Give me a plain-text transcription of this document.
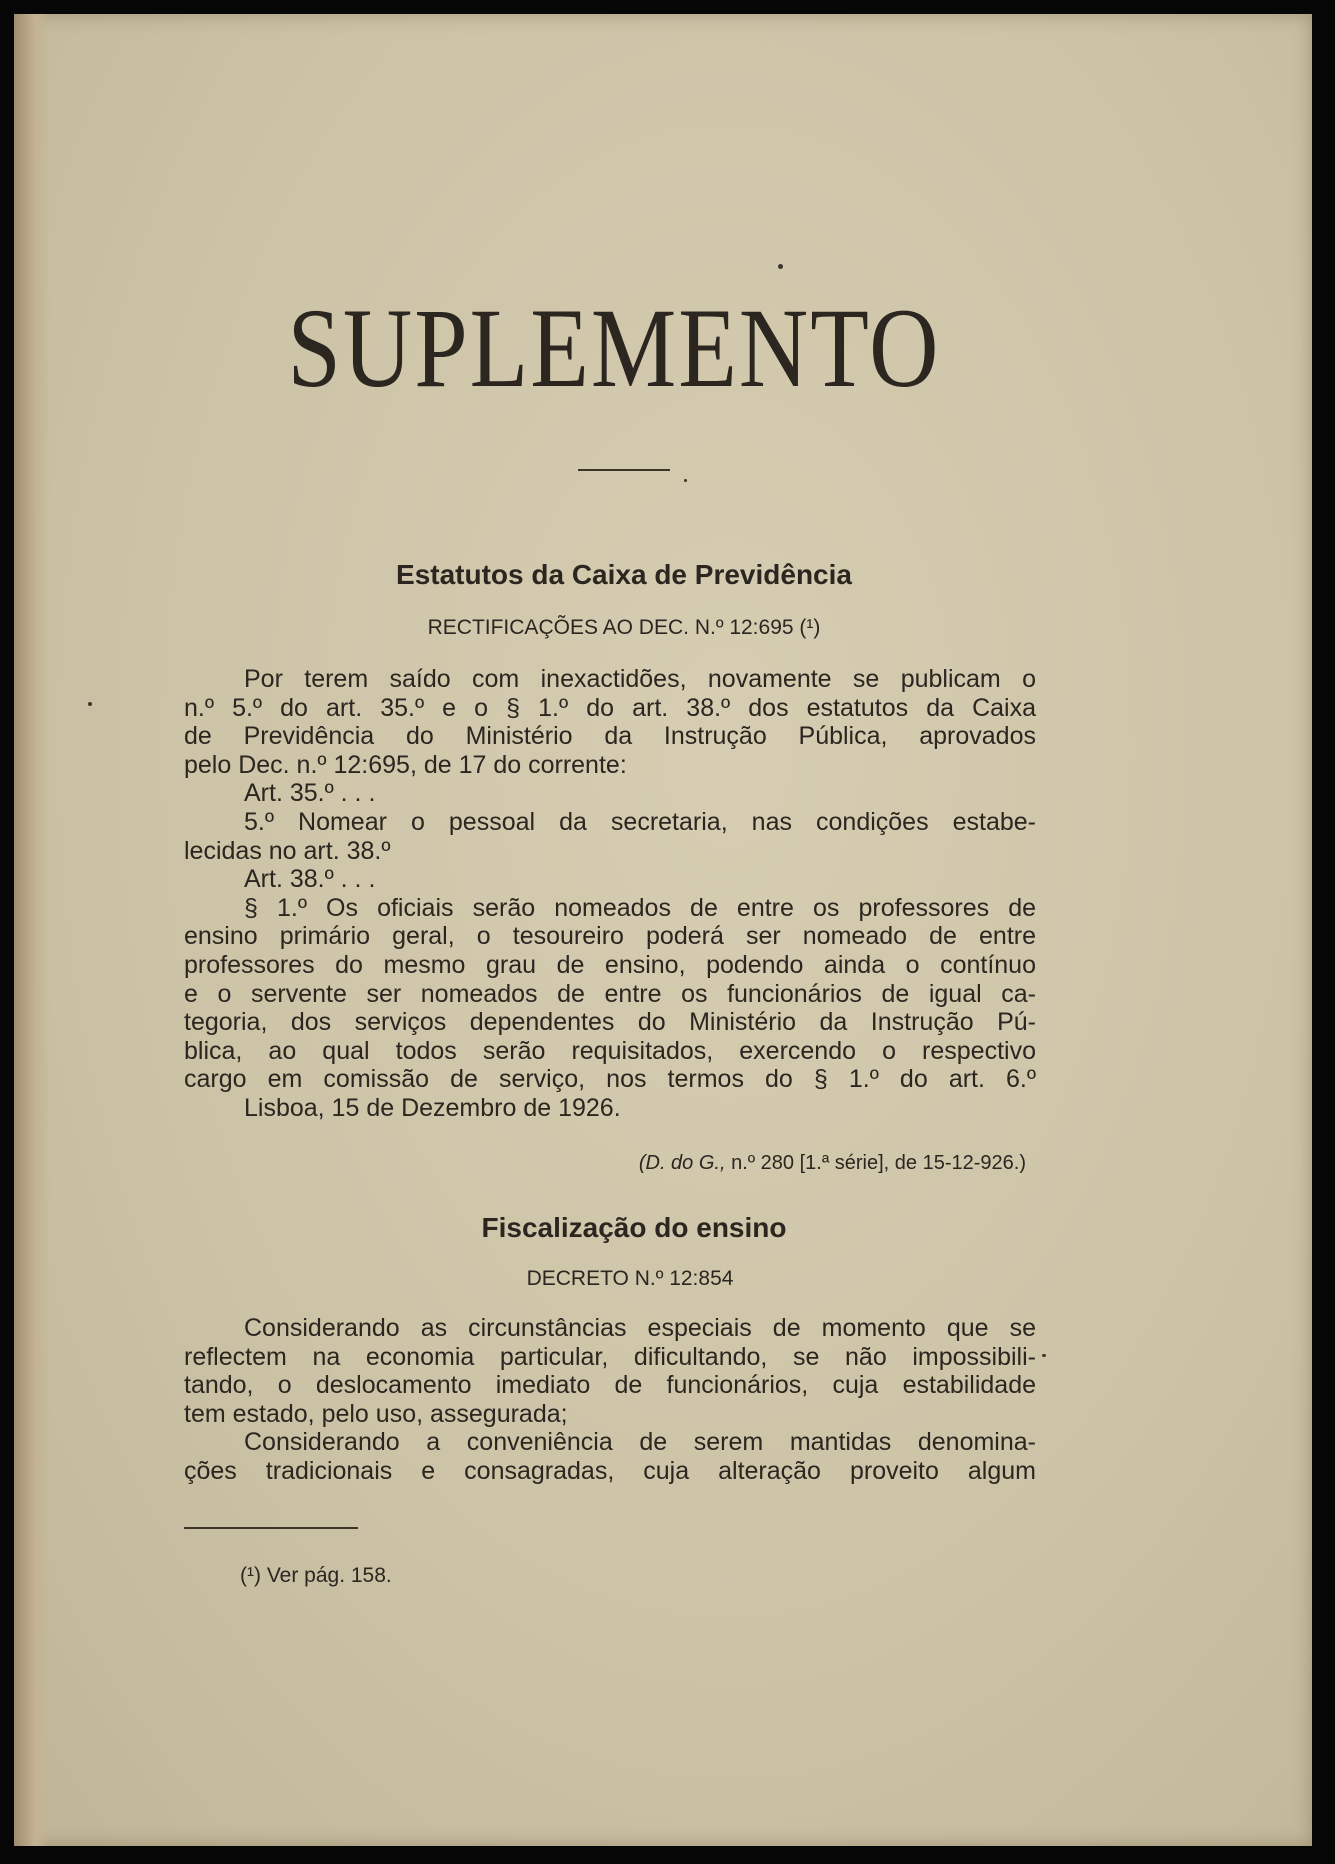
SUPLEMENTO
Estatutos da Caixa de Previdência
RECTIFICAÇÕES AO DEC. N.º 12:695 (¹)
Por terem saído com inexactidões, novamente se publicam o
n.º 5.º do art. 35.º e o § 1.º do art. 38.º dos estatutos da Caixa
de Previdência do Ministério da Instrução Pública, aprovados
pelo Dec. n.º 12:695, de 17 do corrente:
Art. 35.º . . .
5.º Nomear o pessoal da secretaria, nas condições estabe-
lecidas no art. 38.º
Art. 38.º . . .
§ 1.º Os oficiais serão nomeados de entre os professores de
ensino primário geral, o tesoureiro poderá ser nomeado de entre
professores do mesmo grau de ensino, podendo ainda o contínuo
e o servente ser nomeados de entre os funcionários de igual ca-
tegoria, dos serviços dependentes do Ministério da Instrução Pú-
blica, ao qual todos serão requisitados, exercendo o respectivo
cargo em comissão de serviço, nos termos do § 1.º do art. 6.º
Lisboa, 15 de Dezembro de 1926.
(D. do G., n.º 280 [1.ª série], de 15-12-926.)
Fiscalização do ensino
DECRETO N.º 12:854
Considerando as circunstâncias especiais de momento que se
reflectem na economia particular, dificultando, se não impossibili-
tando, o deslocamento imediato de funcionários, cuja estabilidade
tem estado, pelo uso, assegurada;
Considerando a conveniência de serem mantidas denomina-
ções tradicionais e consagradas, cuja alteração proveito algum
(¹) Ver pág. 158.
